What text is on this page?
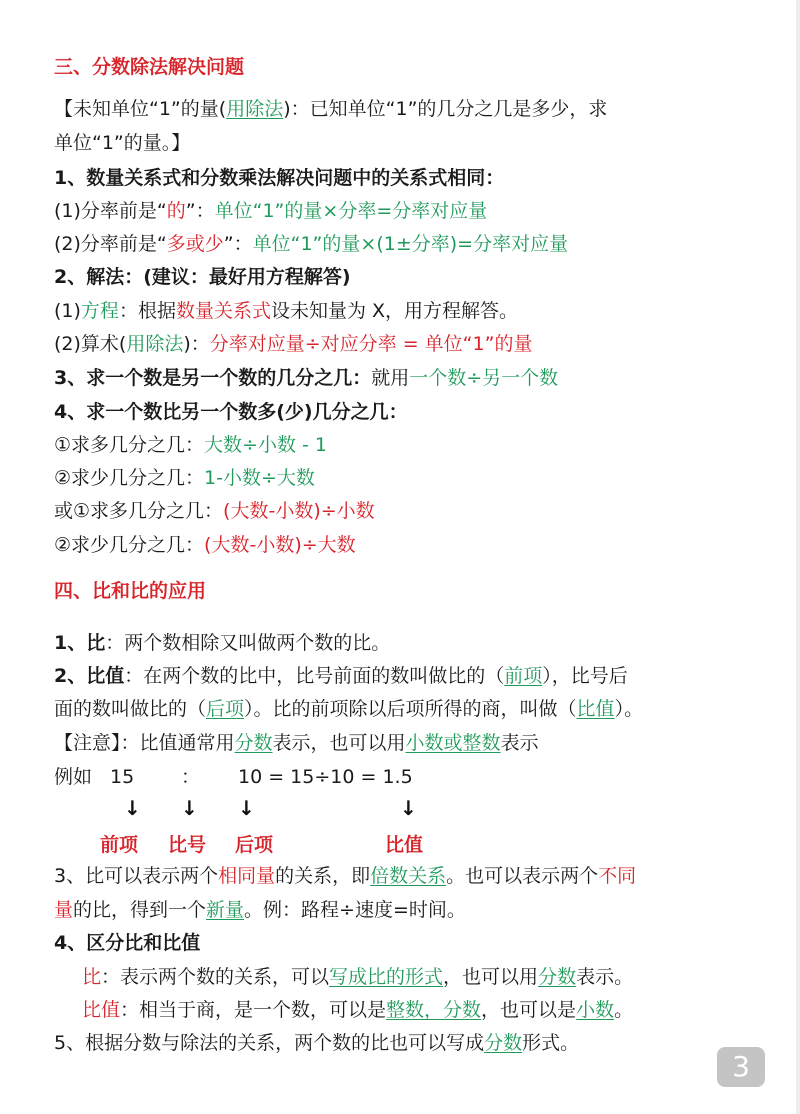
三、分数除法解决问题
【未知单位“1”的量(用除法)：已知单位“1”的几分之几是多少，求
单位“1”的量。】
1、数量关系式和分数乘法解决问题中的关系式相同：
(1)分率前是“的”：单位“1”的量×分率=分率对应量
(2)分率前是“多或少”：单位“1”的量×(1±分率)=分率对应量
2、解法：(建议：最好用方程解答)
(1)方程：根据数量关系式设未知量为 X，用方程解答。
(2)算术(用除法)：分率对应量÷对应分率 = 单位“1”的量
3、求一个数是另一个数的几分之几：就用一个数÷另一个数
4、求一个数比另一个数多(少)几分之几：
①求多几分之几：大数÷小数 - 1
②求少几分之几：1-小数÷大数
或①求多几分之几：(大数-小数)÷小数
②求少几分之几：(大数-小数)÷大数
四、比和比的应用
1、比：两个数相除又叫做两个数的比。
2、比值：在两个数的比中，比号前面的数叫做比的（前项），比号后
面的数叫做比的（后项）。比的前项除以后项所得的商，叫做（比值）。
【注意】：比值通常用分数表示，也可以用小数或整数表示
例如 15 ： 10 = 15÷10 = 1.5
↓ ↓ ↓	↓
前项 比号 后项	比值
3、比可以表示两个相同量的关系，即倍数关系。也可以表示两个不同
量的比，得到一个新量。例：路程÷速度=时间。
4、区分比和比值
比：表示两个数的关系，可以写成比的形式，也可以用分数表示。
比值：相当于商，是一个数，可以是整数，分数，也可以是小数。
5、根据分数与除法的关系，两个数的比也可以写成分数形式。
3
